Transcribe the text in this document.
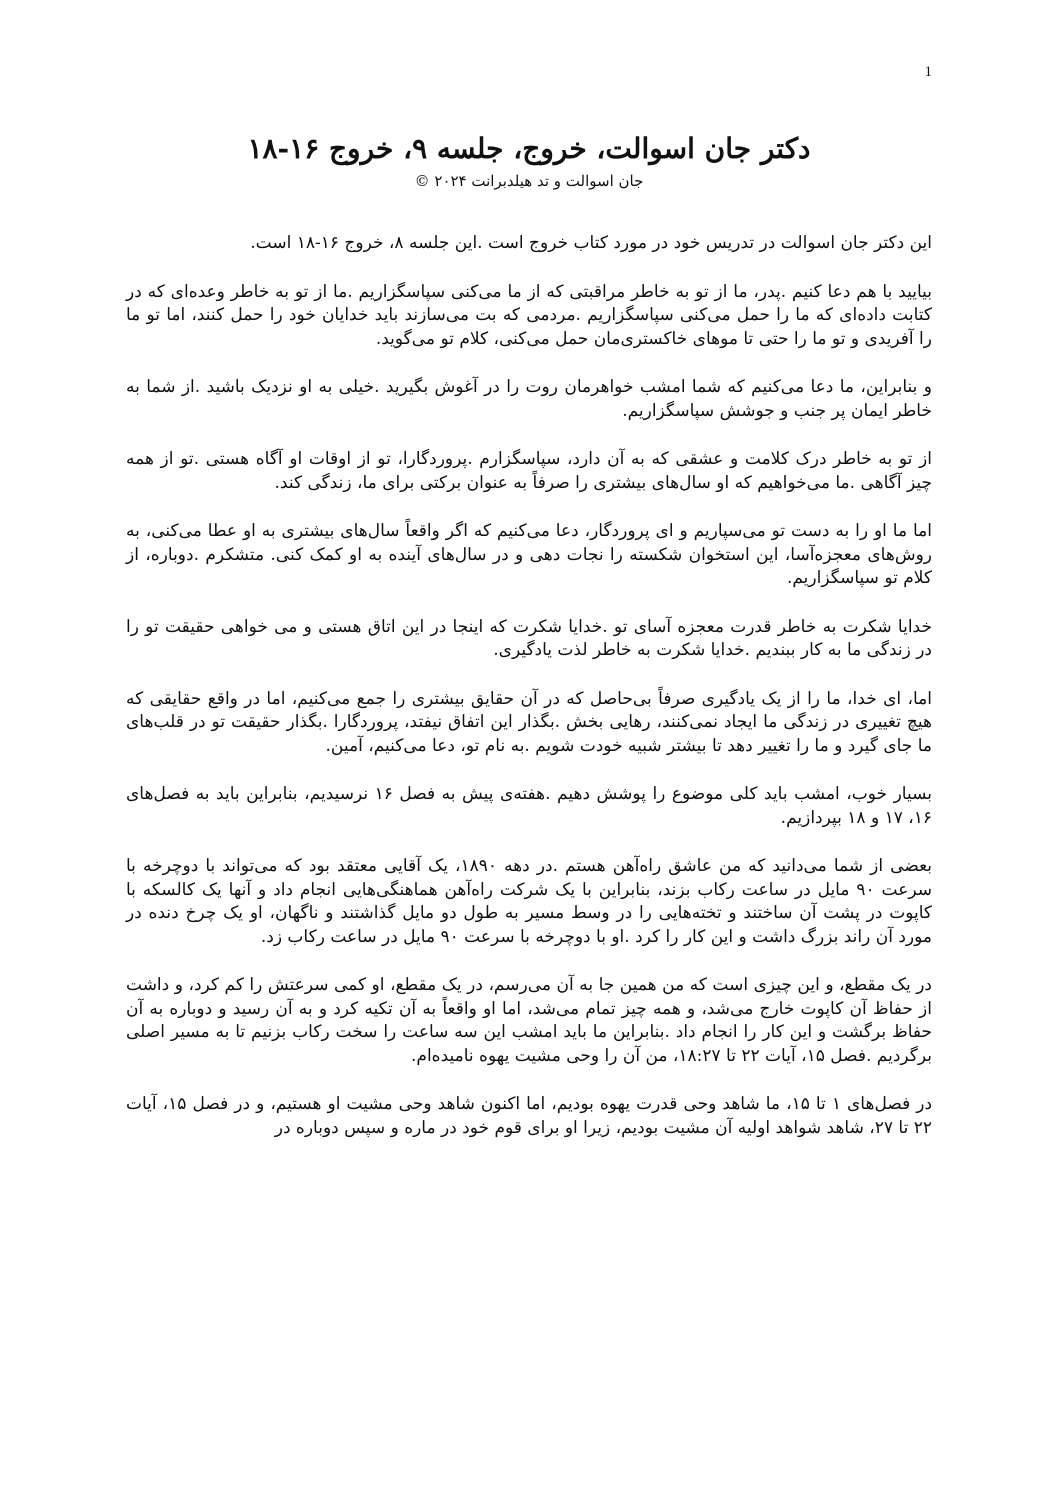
1
دکتر جان اسوالت، خروج، جلسه ۹، خروج ۱۶-۱۸
جان اسوالت و تد هیلدبرانت ۲۰۲۴ ©

این دکتر جان اسوالت در تدریس خود در مورد کتاب خروج است .این جلسه ۸، خروج ۱۶-۱۸ است.

بیایید با هم دعا کنیم .پدر، ما از تو به خاطر مراقبتی که از ما می‌کنی سپاسگزاریم .ما از تو به خاطر وعده‌ای که در کتابت داده‌ای که ما را حمل می‌کنی سپاسگزاریم .مردمی که بت می‌سازند باید خدایان خود را حمل کنند، اما تو ما را آفریدی و تو ما را حتی تا موهای خاکستری‌مان حمل می‌کنی، کلام تو می‌گوید.

و بنابراین، ما دعا می‌کنیم که شما امشب خواهرمان روت را در آغوش بگیرید .خیلی به او نزدیک باشید .از شما به خاطر ایمان پر جنب و جوشش سپاسگزاریم.

از تو به خاطر درک کلامت و عشقی که به آن دارد، سپاسگزارم .پروردگارا، تو از اوقات او آگاه هستی .تو از همه چیز آگاهی .ما می‌خواهیم که او سال‌های بیشتری را صرفاً به عنوان برکتی برای ما، زندگی کند.

اما ما او را به دست تو می‌سپاریم و ای پروردگار، دعا می‌کنیم که اگر واقعاً سال‌های بیشتری به او عطا می‌کنی، به روش‌های معجزه‌آسا، این استخوان شکسته را نجات دهی و در سال‌های آینده به او کمک کنی. متشکرم .دوباره، از کلام تو سپاسگزاریم.

خدایا شکرت به خاطر قدرت معجزه آسای تو .خدایا شکرت که اینجا در این اتاق هستی و می خواهی حقیقت تو را در زندگی ما به کار ببندیم .خدایا شکرت به خاطر لذت یادگیری.

اما، ای خدا، ما را از یک یادگیری صرفاً بی‌حاصل که در آن حقایق بیشتری را جمع می‌کنیم، اما در واقع حقایقی که هیچ تغییری در زندگی ما ایجاد نمی‌کنند، رهایی بخش .بگذار این اتفاق نیفتد، پروردگارا .بگذار حقیقت تو در قلب‌های ما جای گیرد و ما را تغییر دهد تا بیشتر شبیه خودت شویم .به نام تو، دعا می‌کنیم، آمین.

بسیار خوب، امشب باید کلی موضوع را پوشش دهیم .هفته‌ی پیش به فصل ۱۶ نرسیدیم، بنابراین باید به فصل‌های ۱۶، ۱۷ و ۱۸ بپردازیم.

بعضی از شما می‌دانید که من عاشق راه‌آهن هستم .در دهه ۱۸۹۰، یک آقایی معتقد بود که می‌تواند با دوچرخه با سرعت ۹۰ مایل در ساعت رکاب بزند، بنابراین با یک شرکت راه‌آهن هماهنگی‌هایی انجام داد و آنها یک کالسکه با کاپوت در پشت آن ساختند و تخته‌هایی را در وسط مسیر به طول دو مایل گذاشتند و ناگهان، او یک چرخ دنده در مورد آن راند بزرگ داشت و این کار را کرد .او با دوچرخه با سرعت ۹۰ مایل در ساعت رکاب زد.

در یک مقطع، و این چیزی است که من همین جا به آن می‌رسم، در یک مقطع، او کمی سرعتش را کم کرد، و داشت از حفاظ آن کاپوت خارج می‌شد، و همه چیز تمام می‌شد، اما او واقعاً به آن تکیه کرد و به آن رسید و دوباره به آن حفاظ برگشت و این کار را انجام داد .بنابراین ما باید امشب این سه ساعت را سخت رکاب بزنیم تا به مسیر اصلی برگردیم .فصل ۱۵، آیات ۲۲ تا ۱۸:۲۷، من آن را وحی مشیت یهوه نامیده‌ام.

در فصل‌های ۱ تا ۱۵، ما شاهد وحی قدرت یهوه بودیم، اما اکنون شاهد وحی مشیت او هستیم، و در فصل ۱۵، آیات ۲۲ تا ۲۷، شاهد شواهد اولیه آن مشیت بودیم، زیرا او برای قوم خود در ماره و سپس دوباره در
